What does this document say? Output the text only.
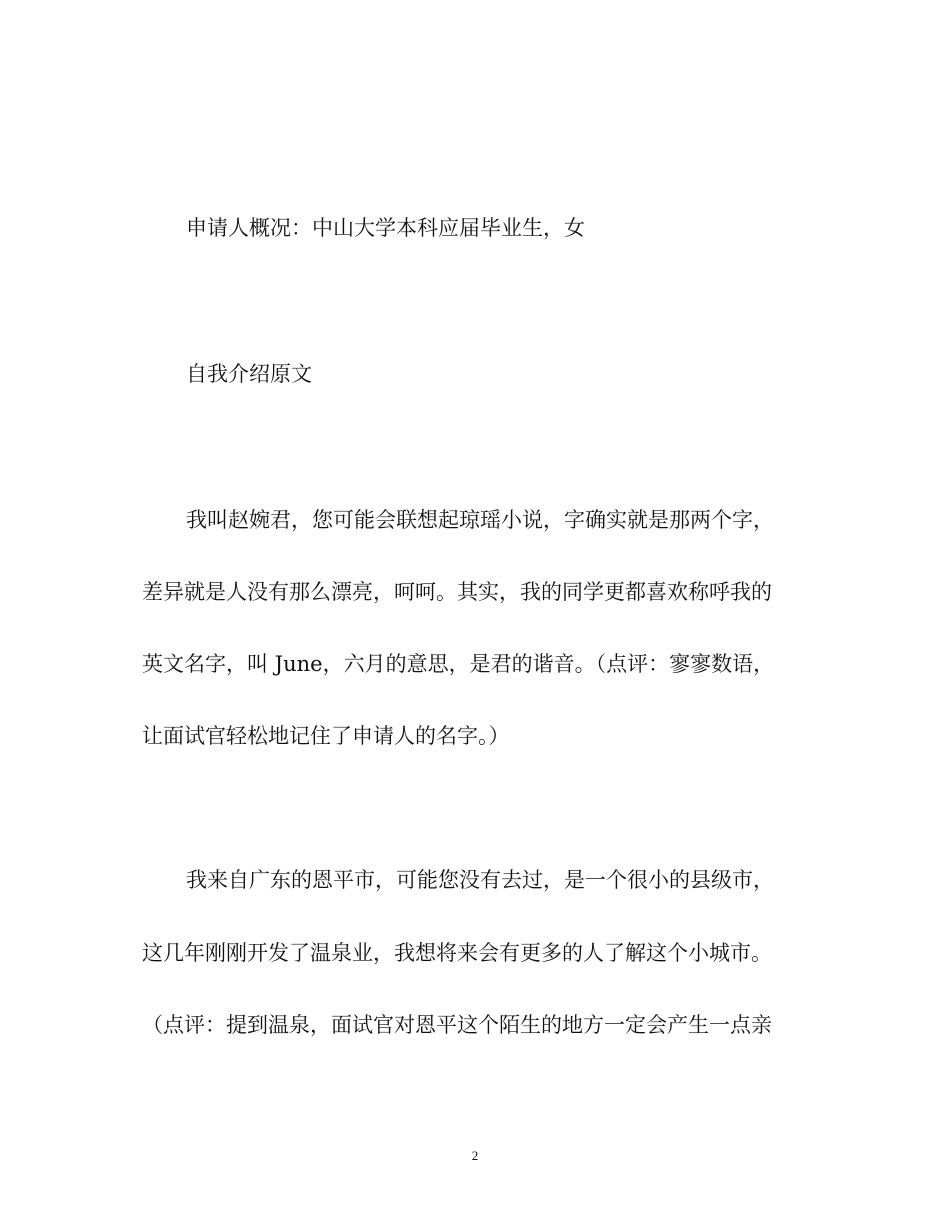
申请人概况：中山大学本科应届毕业生，女
自我介绍原文
我叫赵婉君，您可能会联想起琼瑶小说，字确实就是那两个字，
差异就是人没有那么漂亮，呵呵。其实，我的同学更都喜欢称呼我的
英文名字，叫 June，六月的意思，是君的谐音。（点评：寥寥数语，
让面试官轻松地记住了申请人的名字。）
我来自广东的恩平市，可能您没有去过，是一个很小的县级市，
这几年刚刚开发了温泉业，我想将来会有更多的人了解这个小城市。
（点评：提到温泉，面试官对恩平这个陌生的地方一定会产生一点亲
2
